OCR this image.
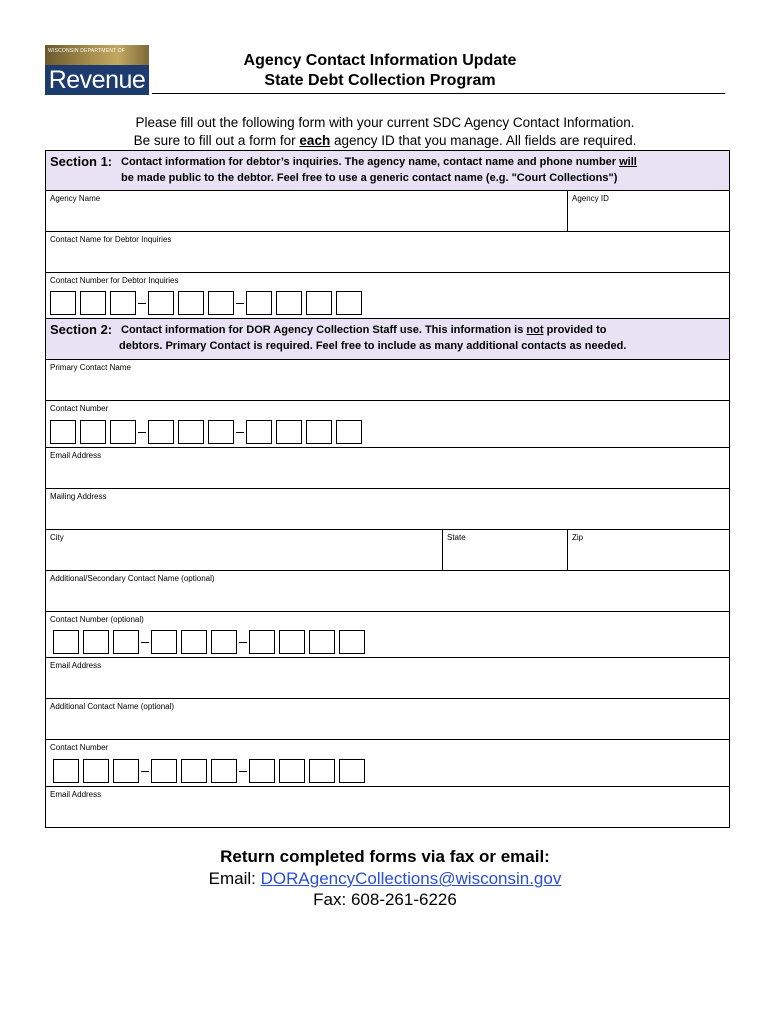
WISCONSIN DEPARTMENT OF
Revenue
Agency Contact Information Update
State Debt Collection Program
Please fill out the following form with your current SDC Agency Contact Information.
Be sure to fill out a form for each agency ID that you manage. All fields are required.
Section 1: Contact information for debtor’s inquiries. The agency name, contact name and phone number will
be made public to the debtor. Feel free to use a generic contact name (e.g. "Court Collections")
Agency Name	Agency ID
Contact Name for Debtor Inquiries
Contact Number for Debtor Inquiries
Section 2: Contact information for DOR Agency Collection Staff use. This information is not provided to
debtors. Primary Contact is required. Feel free to include as many additional contacts as needed.
Primary Contact Name
Contact Number
Email Address
Mailing Address
City	State	Zip
Additional/Secondary Contact Name (optional)
Contact Number (optional)
Email Address
Additional Contact Name (optional)
Contact Number
Email Address
Return completed forms via fax or email:
Email: DORAgencyCollections@wisconsin.gov
Fax: 608-261-6226
